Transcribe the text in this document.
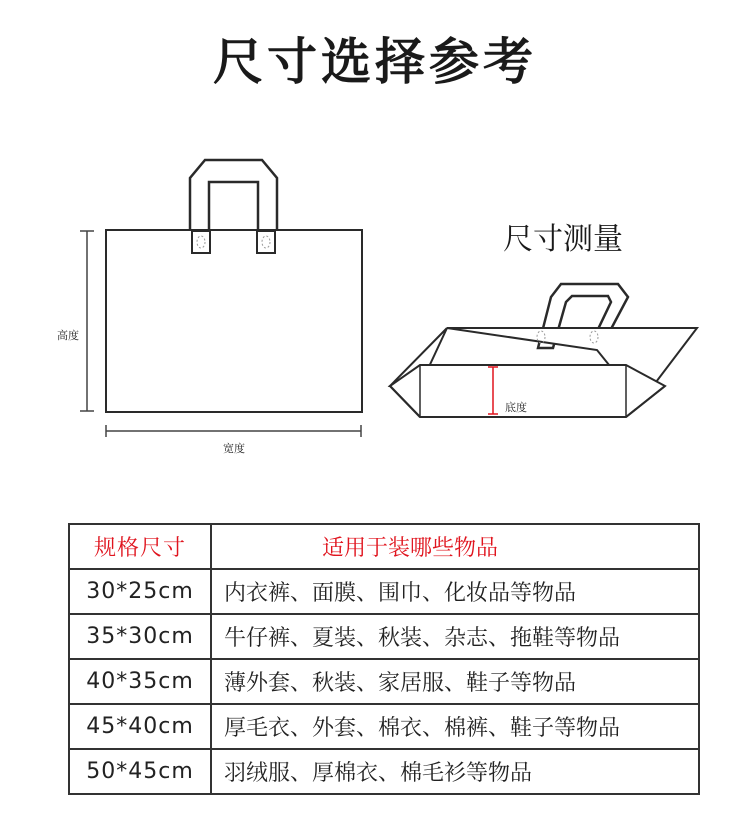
尺寸选择参考
高度
宽度
底度
尺寸测量
规格尺寸	适用于装哪些物品
30*25cm	内衣裤、面膜、围巾、化妆品等物品
35*30cm	牛仔裤、夏装、秋装、杂志、拖鞋等物品
40*35cm	薄外套、秋装、家居服、鞋子等物品
45*40cm	厚毛衣、外套、棉衣、棉裤、鞋子等物品
50*45cm	羽绒服、厚棉衣、棉毛衫等物品
